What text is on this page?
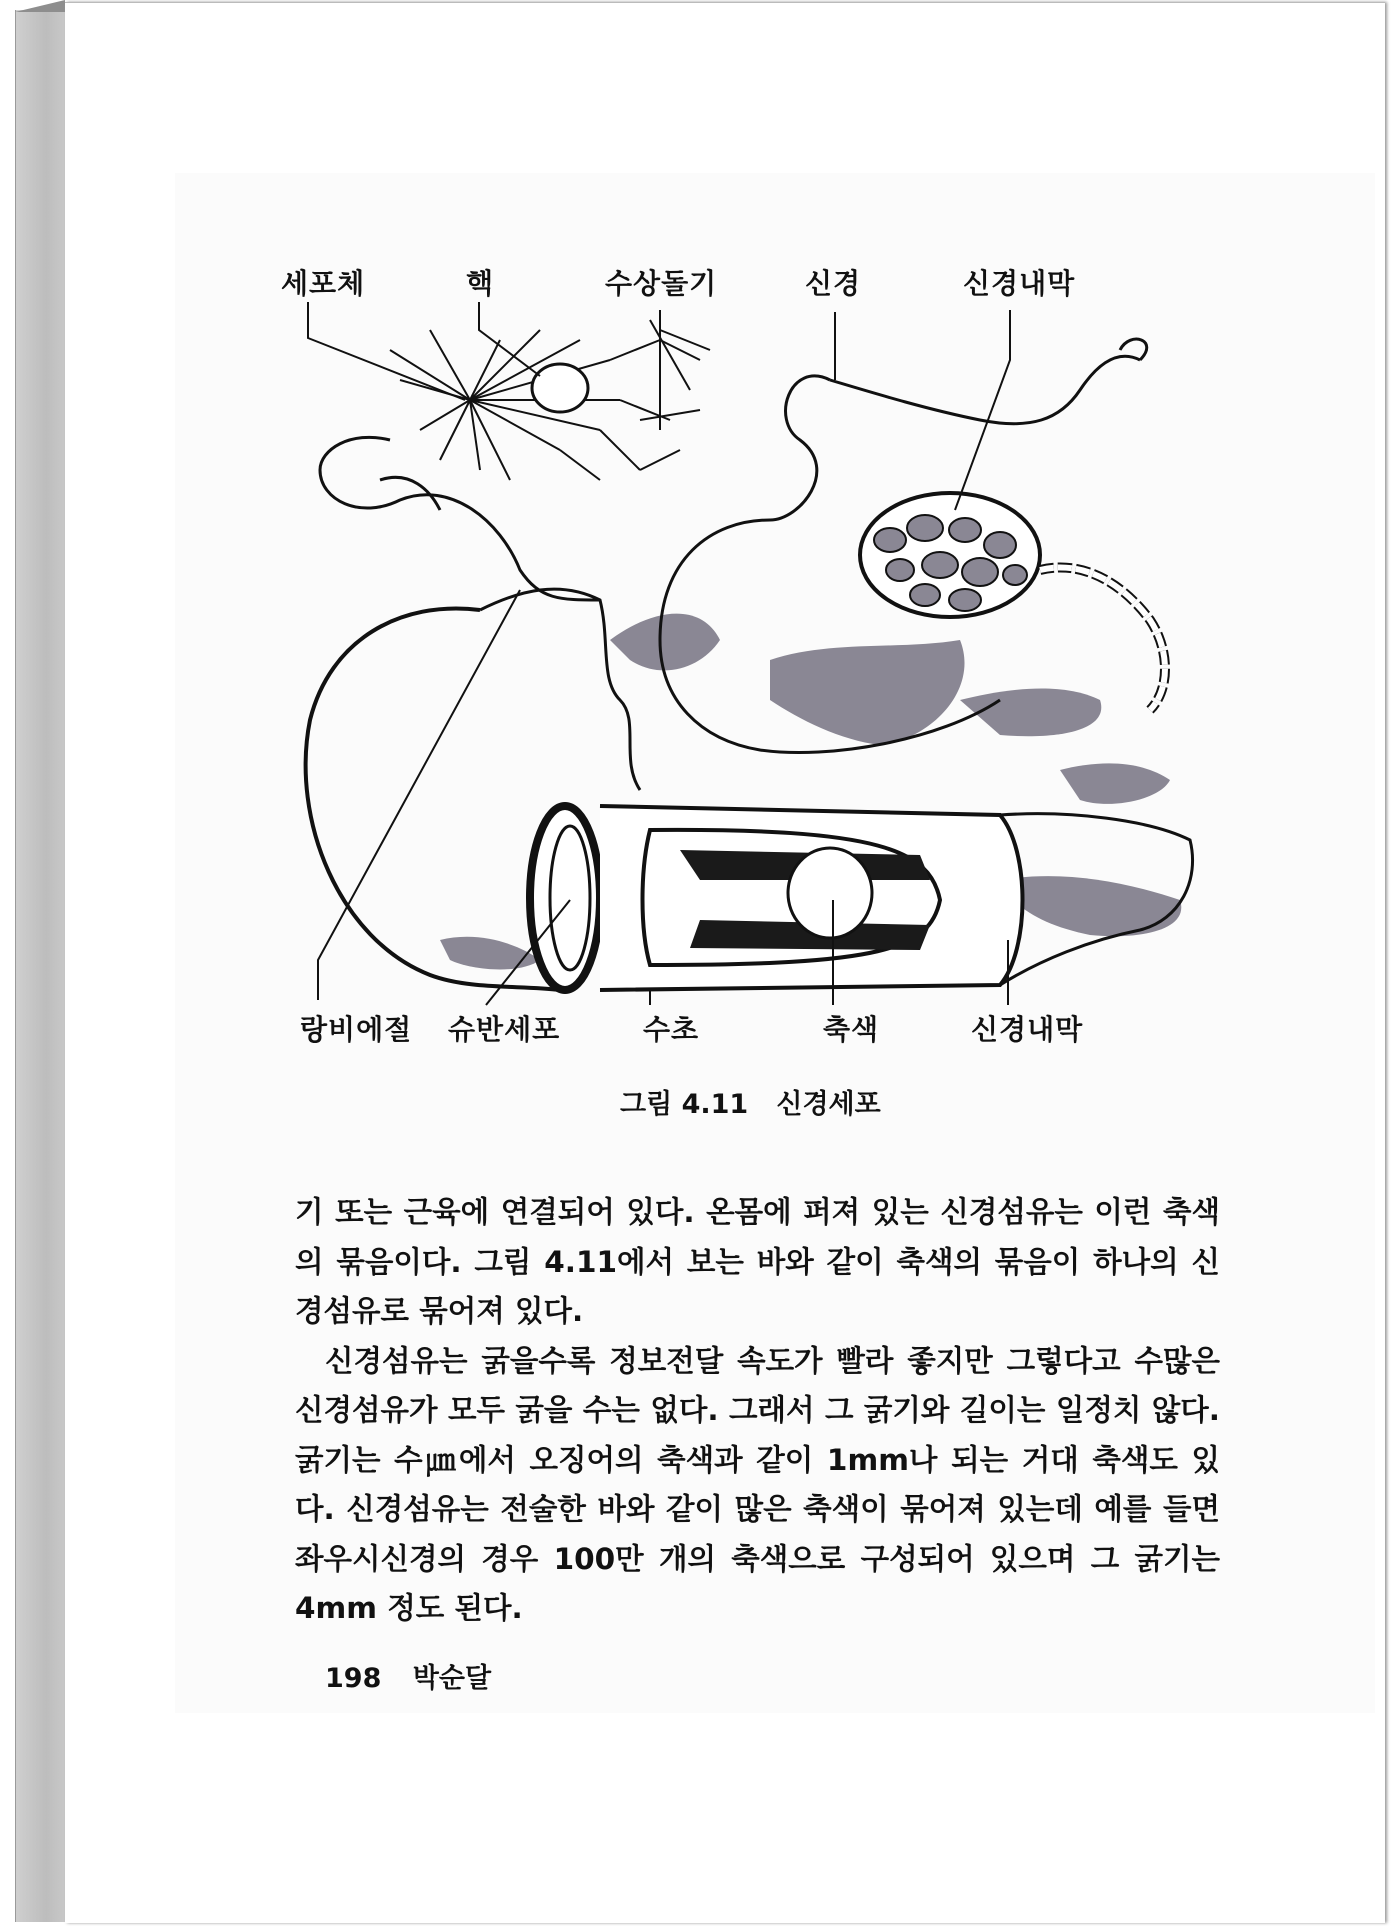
세포체	핵	수상돌기	신경	신경내막
랑비에절 슈반세포	수초	축색	신경내막
그림 4.11   신경세포

기 또는 근육에 연결되어 있다. 온몸에 퍼져 있는 신경섬유는 이런 축색의 묶음이다. 그림 4.11에서 보는 바와 같이 축색의 묶음이 하나의 신경섬유로 묶어져 있다.

신경섬유는 굵을수록 정보전달 속도가 빨라 좋지만 그렇다고 수많은 신경섬유가 모두 굵을 수는 없다. 그래서 그 굵기와 길이는 일정치 않다. 굵기는 수㎛에서 오징어의 축색과 같이 1mm나 되는 거대 축색도 있다. 신경섬유는 전술한 바와 같이 많은 축색이 묶어져 있는데 예를 들면 좌우시신경의 경우 100만 개의 축색으로 구성되어 있으며 그 굵기는 4mm 정도 된다.

198 박순달
